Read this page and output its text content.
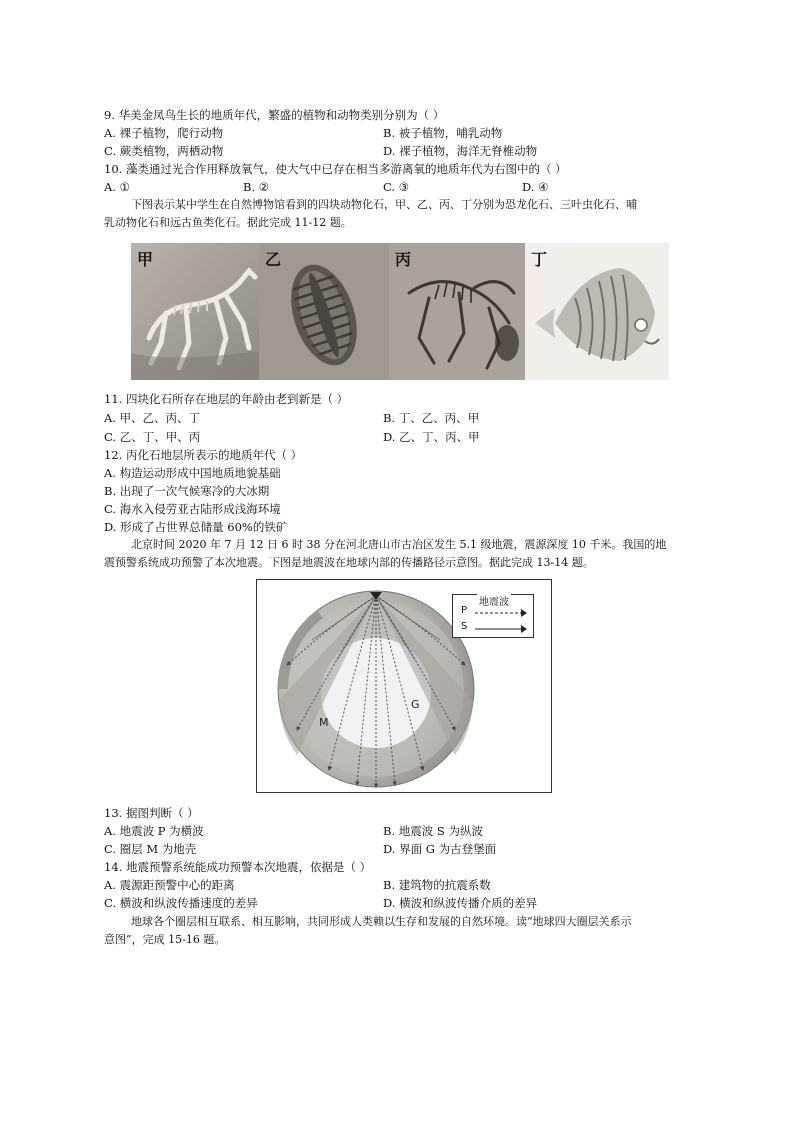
9. 华美金凤鸟生长的地质年代，繁盛的植物和动物类别分别为（ ）
A. 裸子植物，爬行动物	B. 被子植物，哺乳动物
C. 蕨类植物，两栖动物	D. 裸子植物，海洋无脊椎动物
10. 藻类通过光合作用释放氧气，使大气中已存在相当多游离氧的地质年代为右图中的（ ）
A. ①	B. ②	C. ③	D. ④
下图表示某中学生在自然博物馆看到的四块动物化石，甲、乙、丙、丁分别为恐龙化石、三叶虫化石、哺
乳动物化石和远古鱼类化石。据此完成 11-12 题。
甲	乙	丙	丁
11. 四块化石所存在地层的年龄由老到新是（ ）
A. 甲、乙、丙、丁	B. 丁、乙、丙、甲
C. 乙、丁、甲、丙	D. 乙、丁、丙、甲
12. 丙化石地层所表示的地质年代（ ）
A. 构造运动形成中国地质地貌基础
B. 出现了一次气候寒冷的大冰期
C. 海水入侵劳亚古陆形成浅海环境
D. 形成了占世界总储量 60%的铁矿
北京时间 2020 年 7 月 12 日 6 时 38 分在河北唐山市古冶区发生 5.1 级地震，震源深度 10 千米。我国的地
震预警系统成功预警了本次地震。下图是地震波在地球内部的传播路径示意图。据此完成 13-14 题。
M
G
地震波
P
S
13. 据图判断（ ）
A. 地震波 P 为横波	B. 地震波 S 为纵波
C. 圈层 M 为地壳	D. 界面 G 为古登堡面
14. 地震预警系统能成功预警本次地震，依据是（ ）
A. 震源距预警中心的距离	B. 建筑物的抗震系数
C. 横波和纵波传播速度的差异	D. 横波和纵波传播介质的差异
地球各个圈层相互联系、相互影响，共同形成人类赖以生存和发展的自然环境。读“地球四大圈层关系示
意图”，完成 15-16 题。
